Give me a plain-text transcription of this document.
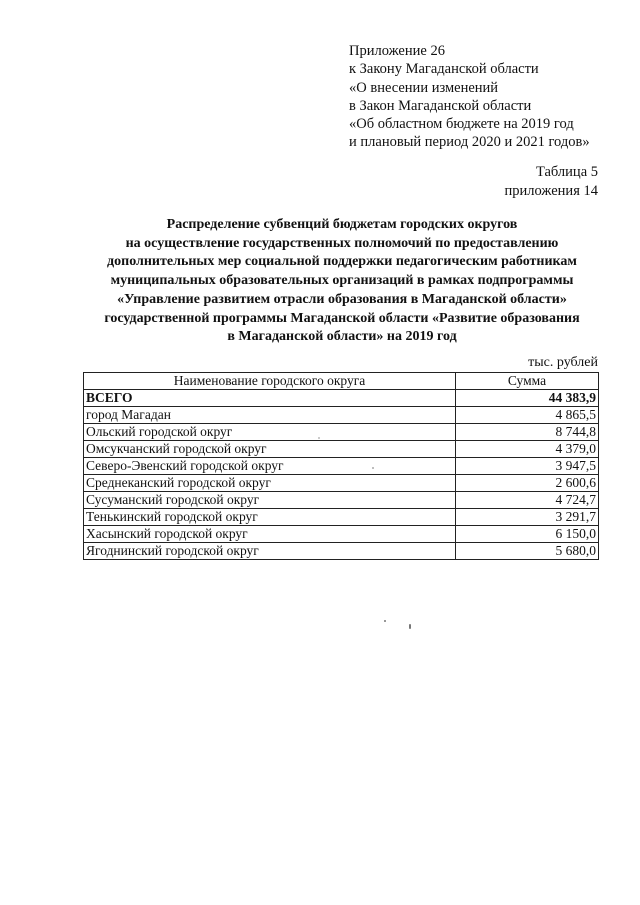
Приложение 26
к Закону Магаданской области
«О внесении изменений
в Закон Магаданской области
«Об областном бюджете на 2019 год
и плановый период 2020 и 2021 годов»
Таблица 5
приложения 14
Распределение субвенций бюджетам городских округов
на осуществление государственных полномочий по предоставлению
дополнительных мер социальной поддержки педагогическим работникам
муниципальных образовательных организаций в рамках подпрограммы
«Управление развитием отрасли образования в Магаданской области»
государственной программы Магаданской области «Развитие образования
в Магаданской области» на 2019 год
тыс. рублей
Наименование городского округа	Сумма
ВСЕГО	44 383,9
город Магадан	4 865,5
Ольский городской округ	8 744,8
Омсукчанский городской округ	4 379,0
Северо-Эвенский городской округ	3 947,5
Среднеканский городской округ	2 600,6
Сусуманский городской округ	4 724,7
Тенькинский городской округ	3 291,7
Хасынский городской округ	6 150,0
Ягоднинский городской округ	5 680,0
